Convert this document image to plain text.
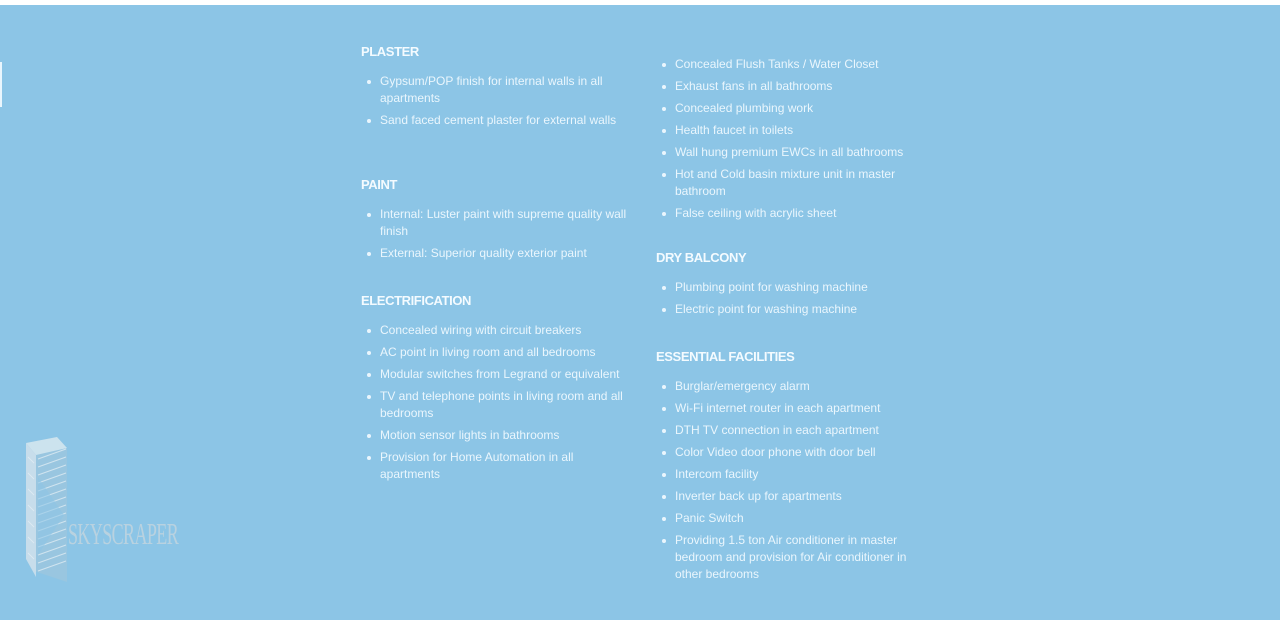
SKYSCRAPER
PLASTER
Gypsum/POP finish for internal walls in all apartments
Sand faced cement plaster for external walls
PAINT
Internal: Luster paint with supreme quality wall finish
External: Superior quality exterior paint
ELECTRIFICATION
Concealed wiring with circuit breakers
AC point in living room and all bedrooms
Modular switches from Legrand or equivalent
TV and telephone points in living room and all bedrooms
Motion sensor lights in bathrooms
Provision for Home Automation in all apartments
Concealed Flush Tanks / Water Closet
Exhaust fans in all bathrooms
Concealed plumbing work
Health faucet in toilets
Wall hung premium EWCs in all bathrooms
Hot and Cold basin mixture unit in master bathroom
False ceiling with acrylic sheet
DRY BALCONY
Plumbing point for washing machine
Electric point for washing machine
ESSENTIAL FACILITIES
Burglar/emergency alarm
Wi-Fi internet router in each apartment
DTH TV connection in each apartment
Color Video door phone with door bell
Intercom facility
Inverter back up for apartments
Panic Switch
Providing 1.5 ton Air conditioner in master bedroom and provision for Air conditioner in other bedrooms
